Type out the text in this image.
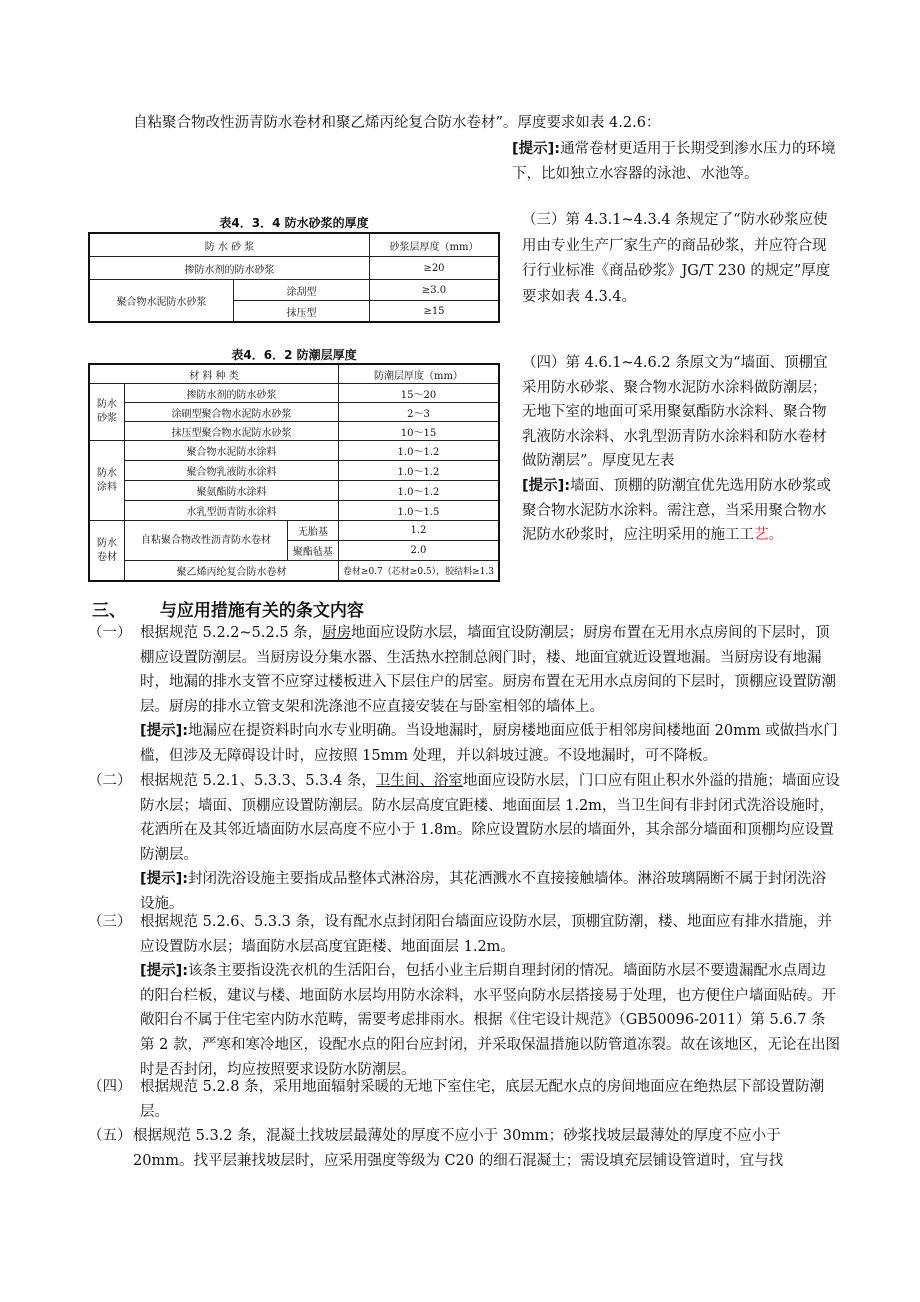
自粘聚合物改性沥青防水卷材和聚乙烯丙纶复合防水卷材”。厚度要求如表 4.2.6：
[提示]:通常卷材更适用于长期受到渗水压力的环境下，比如独立水容器的泳池、水池等。
表4．3．4 防水砂浆的厚度
防 水 砂 浆		砂浆层厚度（mm）
掺防水剂的防水砂浆		≥20
聚合物水泥防水砂浆	涂刮型	≥3.0
	抹压型	≥15
（三）第 4.3.1~4.3.4 条规定了“防水砂浆应使用由专业生产厂家生产的商品砂浆，并应符合现行行业标准《商品砂浆》JG/T 230 的规定”厚度要求如表 4.3.4。
表4．6．2 防潮层厚度
材 料 种 类			防潮层厚度（mm）
防水砂浆	掺防水剂的防水砂浆		15～20
	涂刷型聚合物水泥防水砂浆		2～3
	抹压型聚合物水泥防水砂浆		10～15
防水涂料	聚合物水泥防水涂料		1.0～1.2
	聚合物乳液防水涂料		1.0～1.2
	聚氨酯防水涂料		1.0～1.2
	水乳型沥青防水涂料		1.0～1.5
防水卷材	自粘聚合物改性沥青防水卷材	无胎基	1.2
		聚酯毡基	2.0
	聚乙烯丙纶复合防水卷材		卷材≥0.7（芯材≥0.5），胶结料≥1.3
（四）第 4.6.1~4.6.2 条原文为“墙面、顶棚宜采用防水砂浆、聚合物水泥防水涂料做防潮层；无地下室的地面可采用聚氨酯防水涂料、聚合物乳液防水涂料、水乳型沥青防水涂料和防水卷材做防潮层”。厚度见左表
[提示]:墙面、顶棚的防潮宜优先选用防水砂浆或聚合物水泥防水涂料。需注意，当采用聚合物水泥防水砂浆时，应注明采用的施工工艺。
三、 与应用措施有关的条文内容
（一） 根据规范 5.2.2~5.2.5 条，厨房地面应设防水层，墙面宜设防潮层；厨房布置在无用水点房间的下层时，顶棚应设置防潮层。当厨房设分集水器、生活热水控制总阀门时，楼、地面宜就近设置地漏。当厨房设有地漏时，地漏的排水支管不应穿过楼板进入下层住户的居室。厨房布置在无用水点房间的下层时，顶棚应设置防潮层。厨房的排水立管支架和洗涤池不应直接安装在与卧室相邻的墙体上。
[提示]:地漏应在提资料时向水专业明确。当设地漏时，厨房楼地面应低于相邻房间楼地面 20mm 或做挡水门槛，但涉及无障碍设计时，应按照 15mm 处理，并以斜坡过渡。不设地漏时，可不降板。
（二） 根据规范 5.2.1、5.3.3、5.3.4 条，卫生间、浴室地面应设防水层，门口应有阻止积水外溢的措施；墙面应设防水层；墙面、顶棚应设置防潮层。防水层高度宜距楼、地面面层 1.2m，当卫生间有非封闭式洗浴设施时，花洒所在及其邻近墙面防水层高度不应小于 1.8m。除应设置防水层的墙面外，其余部分墙面和顶棚均应设置防潮层。
[提示]:封闭洗浴设施主要指成品整体式淋浴房，其花洒溅水不直接接触墙体。淋浴玻璃隔断不属于封闭洗浴设施。
（三） 根据规范 5.2.6、5.3.3 条，设有配水点封闭阳台墙面应设防水层，顶棚宜防潮，楼、地面应有排水措施，并应设置防水层；墙面防水层高度宜距楼、地面面层 1.2m。
[提示]:该条主要指设洗衣机的生活阳台，包括小业主后期自理封闭的情况。墙面防水层不要遗漏配水点周边的阳台栏板，建议与楼、地面防水层均用防水涂料，水平竖向防水层搭接易于处理，也方便住户墙面贴砖。开敞阳台不属于住宅室内防水范畴，需要考虑排雨水。根据《住宅设计规范》（GB50096-2011）第 5.6.7 条第 2 款，严寒和寒冷地区，设配水点的阳台应封闭，并采取保温措施以防管道冻裂。故在该地区，无论在出图时是否封闭，均应按照要求设防水防潮层。
（四） 根据规范 5.2.8 条，采用地面辐射采暖的无地下室住宅，底层无配水点的房间地面应在绝热层下部设置防潮层。
（五） 根据规范 5.3.2 条，混凝土找坡层最薄处的厚度不应小于 30mm；砂浆找坡层最薄处的厚度不应小于 20mm。找平层兼找坡层时，应采用强度等级为 C20 的细石混凝土；需设填充层铺设管道时，宜与找
